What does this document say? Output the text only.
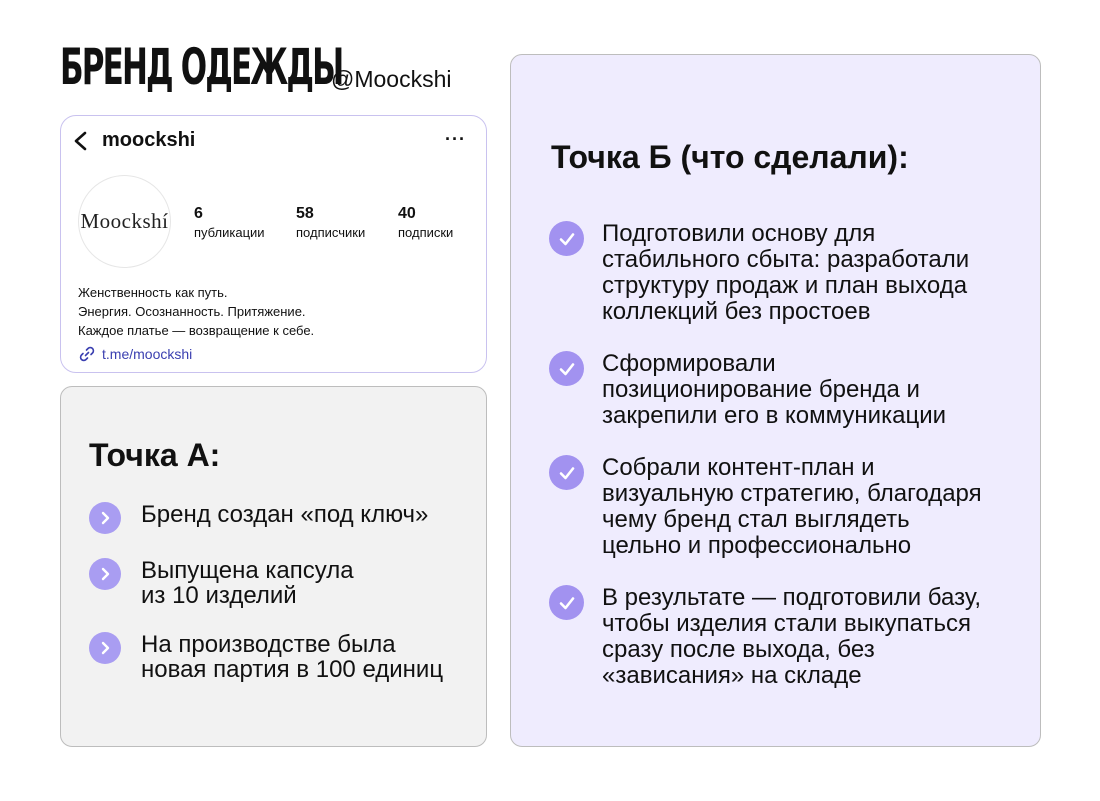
БРЕНД ОДЕЖДЫ
@Moockshi
moockshi	···
Moockshí 6
публикации
58
подписчики
40
подписки
Женственность как путь.
Энергия. Осознанность. Притяжение.
Каждое платье — возвращение к себе.
t.me/moockshi
Точка А:
Бренд создан «под ключ»
Выпущена капсула
из 10 изделий
На производстве была
новая партия в 100 единиц
Точка Б (что сделали):
Подготовили основу для
стабильного сбыта: разработали
структуру продаж и план выхода
коллекций без простоев
Сформировали
позиционирование бренда и
закрепили его в коммуникации
Собрали контент-план и
визуальную стратегию, благодаря
чему бренд стал выглядеть
цельно и профессионально
В результате — подготовили базу,
чтобы изделия стали выкупаться
сразу после выхода, без
«зависания» на складе
